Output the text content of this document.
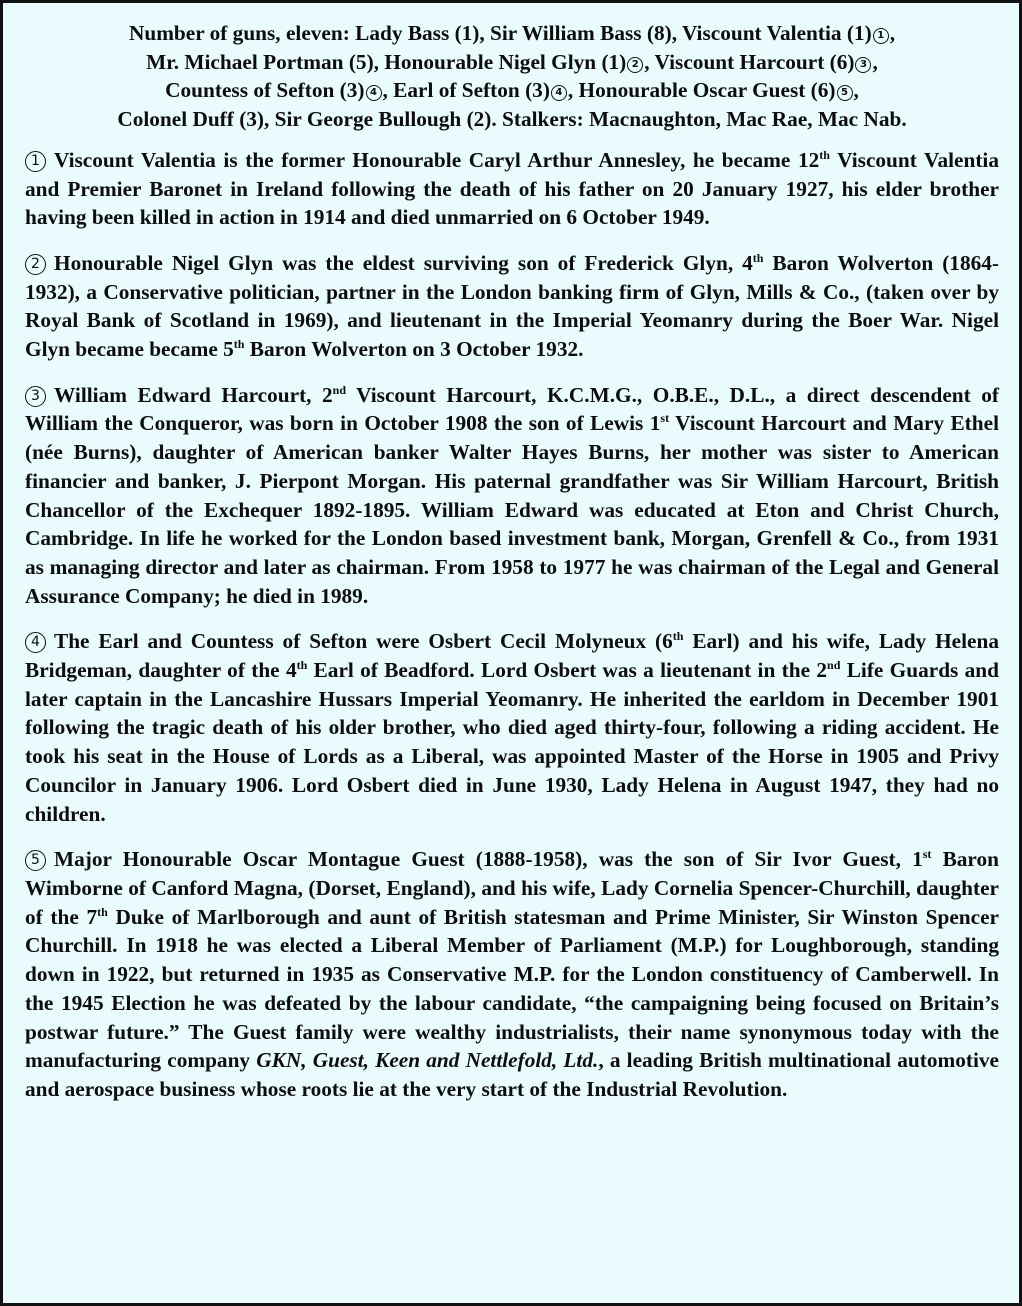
Number of guns, eleven: Lady Bass (1), Sir William Bass (8), Viscount Valentia (1) 1 ,

Mr. Michael Portman (5), Honourable Nigel Glyn (1) 2 , Viscount Harcourt (6) 3 ,

Countess of Sefton (3) 4 , Earl of Sefton (3) 4 , Honourable Oscar Guest (6) 5 ,

Colonel Duff (3), Sir George Bullough (2). Stalkers: Macnaughton, Mac Rae, Mac Nab.

1 Viscount Valentia is the former Honourable Caryl Arthur Annesley, he became 12th Viscount Valentia and Premier Baronet in Ireland following the death of his father on 20 January 1927, his elder brother having been killed in action in 1914 and died unmarried on 6 October 1949.

2 Honourable Nigel Glyn was the eldest surviving son of Frederick Glyn, 4th Baron Wolverton (1864-1932), a Conservative politician, partner in the London banking firm of Glyn, Mills & Co., (taken over by Royal Bank of Scotland in 1969), and lieutenant in the Imperial Yeomanry during the Boer War. Nigel Glyn became became 5th Baron Wolverton on 3 October 1932.

3 William Edward Harcourt, 2nd Viscount Harcourt, K.C.M.G., O.B.E., D.L., a direct descendent of William the Conqueror, was born in October 1908 the son of Lewis 1st Viscount Harcourt and Mary Ethel (née Burns), daughter of American banker Walter Hayes Burns, her mother was sister to American financier and banker, J. Pierpont Morgan. His paternal grandfather was Sir William Harcourt, British Chancellor of the Exchequer 1892-1895. William Edward was educated at Eton and Christ Church, Cambridge. In life he worked for the London based investment bank, Morgan, Grenfell & Co., from 1931 as managing director and later as chairman. From 1958 to 1977 he was chairman of the Legal and General Assurance Company; he died in 1989.

4 The Earl and Countess of Sefton were Osbert Cecil Molyneux (6th Earl) and his wife, Lady Helena Bridgeman, daughter of the 4th Earl of Beadford. Lord Osbert was a lieutenant in the 2nd Life Guards and later captain in the Lancashire Hussars Imperial Yeomanry. He inherited the earldom in December 1901 following the tragic death of his older brother, who died aged thirty-four, following a riding accident. He took his seat in the House of Lords as a Liberal, was appointed Master of the Horse in 1905 and Privy Councilor in January 1906. Lord Osbert died in June 1930, Lady Helena in August 1947, they had no children.

5 Major Honourable Oscar Montague Guest (1888-1958), was the son of Sir Ivor Guest, 1st Baron Wimborne of Canford Magna, (Dorset, England), and his wife, Lady Cornelia Spencer-Churchill, daughter of the 7th Duke of Marlborough and aunt of British statesman and Prime Minister, Sir Winston Spencer Churchill. In 1918 he was elected a Liberal Member of Parliament (M.P.) for Loughborough, standing down in 1922, but returned in 1935 as Conservative M.P. for the London constituency of Camberwell. In the 1945 Election he was defeated by the labour candidate, “the campaigning being focused on Britain’s postwar future.” The Guest family were wealthy industrialists, their name synonymous today with the manufacturing company GKN, Guest, Keen and Nettlefold, Ltd., a leading British multinational automotive and aerospace business whose roots lie at the very start of the Industrial Revolution.
